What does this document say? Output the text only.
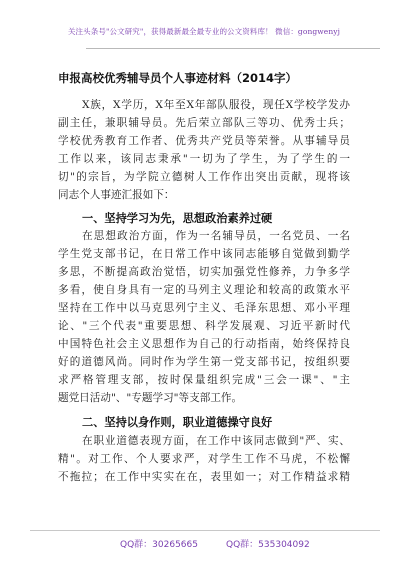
关注头条号"公文研究"，获得最新最全最专业的公文资料库！ 微信：gongwenyj
申报高校优秀辅导员个人事迹材料（2014字）
X族，X学历，X年至X年部队服役，现任X学校学发办
副主任，兼职辅导员。先后荣立部队三等功、优秀士兵；
学校优秀教育工作者、优秀共产党员等荣誉。从事辅导员
工作以来，该同志秉承"一切为了学生，为了学生的一
切"的宗旨，为学院立德树人工作作出突出贡献，现将该
同志个人事迹汇报如下：
一、坚持学习为先，思想政治素养过硬
在思想政治方面，作为一名辅导员，一名党员、一名
学生党支部书记，在日常工作中该同志能够自觉做到勤学
多思，不断提高政治觉悟，切实加强党性修养，力争多学
多看，使自身具有一定的马列主义理论和较高的政策水平
坚持在工作中以马克思列宁主义、毛泽东思想、邓小平理
论、"三个代表"重要思想、科学发展观、习近平新时代
中国特色社会主义思想作为自己的行动指南，始终保持良
好的道德风尚。同时作为学生第一党支部书记，按组织要
求严格管理支部，按时保量组织完成"三会一课"、"主
题党日活动"、"专题学习"等支部工作。
二、坚持以身作则，职业道德操守良好
在职业道德表现方面，在工作中该同志做到"严、实、
精"。对工作、个人要求严，对学生工作不马虎，不松懈
不拖拉；在工作中实实在在，表里如一；对工作精益求精
QQ群：30265665	QQ群：535304092
